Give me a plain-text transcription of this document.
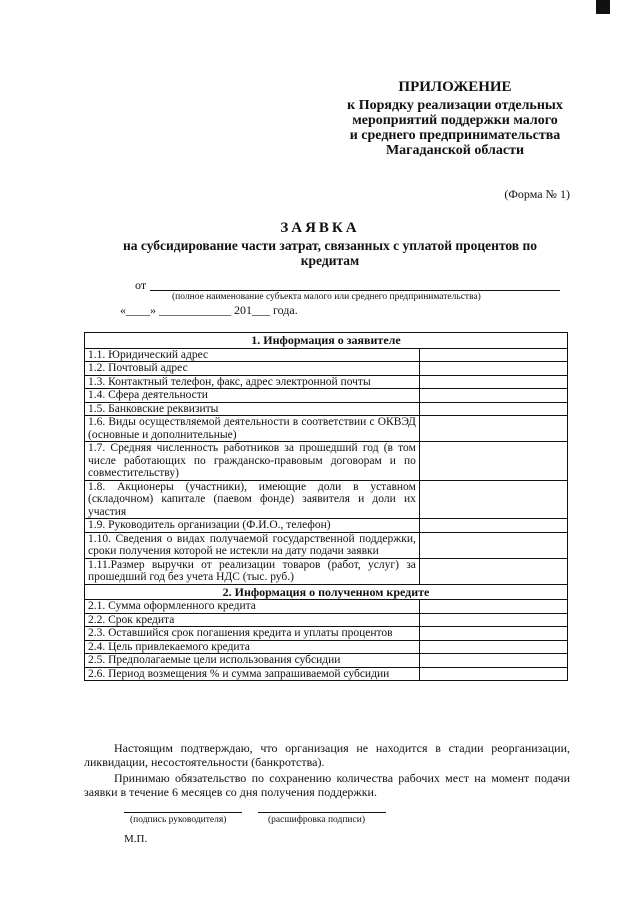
ПРИЛОЖЕНИЕ
к Порядку реализации отдельных
мероприятий поддержки малого
и среднего предпринимательства
Магаданской области
(Форма № 1)
ЗАЯВКА
на субсидирование части затрат, связанных с уплатой процентов по кредитам
от
(полное наименование субъекта малого или среднего предпринимательства)
«____» ____________ 201___ года.
1. Информация о заявителе	
1.1. Юридический адрес	
1.2. Почтовый адрес	
1.3. Контактный телефон, факс, адрес электронной почты	
1.4. Сфера деятельности	
1.5. Банковские реквизиты	
1.6. Виды осуществляемой деятельности в соответствии с ОКВЭД (основные и дополнительные)	
1.7. Средняя численность работников за прошедший год (в том числе работающих по гражданско-правовым договорам и по совместительству)	
1.8. Акционеры (участники), имеющие доли в уставном (складочном) капитале (паевом фонде) заявителя и доли их участия	
1.9. Руководитель организации (Ф.И.О., телефон)	
1.10. Сведения о видах получаемой государственной поддержки, сроки получения которой не истекли на дату подачи заявки	
1.11.Размер выручки от реализации товаров (работ, услуг) за прошедший год без учета НДС (тыс. руб.)	
2. Информация о полученном кредите	
2.1. Сумма оформленного кредита	
2.2. Срок кредита	
2.3. Оставшийся срок погашения кредита и уплаты процентов	
2.4. Цель привлекаемого кредита	
2.5. Предполагаемые цели использования субсидии	
2.6. Период возмещения % и сумма запрашиваемой субсидии	
Настоящим подтверждаю, что организация не находится в стадии реорганизации, ликвидации, несостоятельности (банкротства).
Принимаю обязательство по сохранению количества рабочих мест на момент подачи заявки в течение 6 месяцев со дня получения поддержки.
(подпись руководителя)	(расшифровка подписи)
М.П.
